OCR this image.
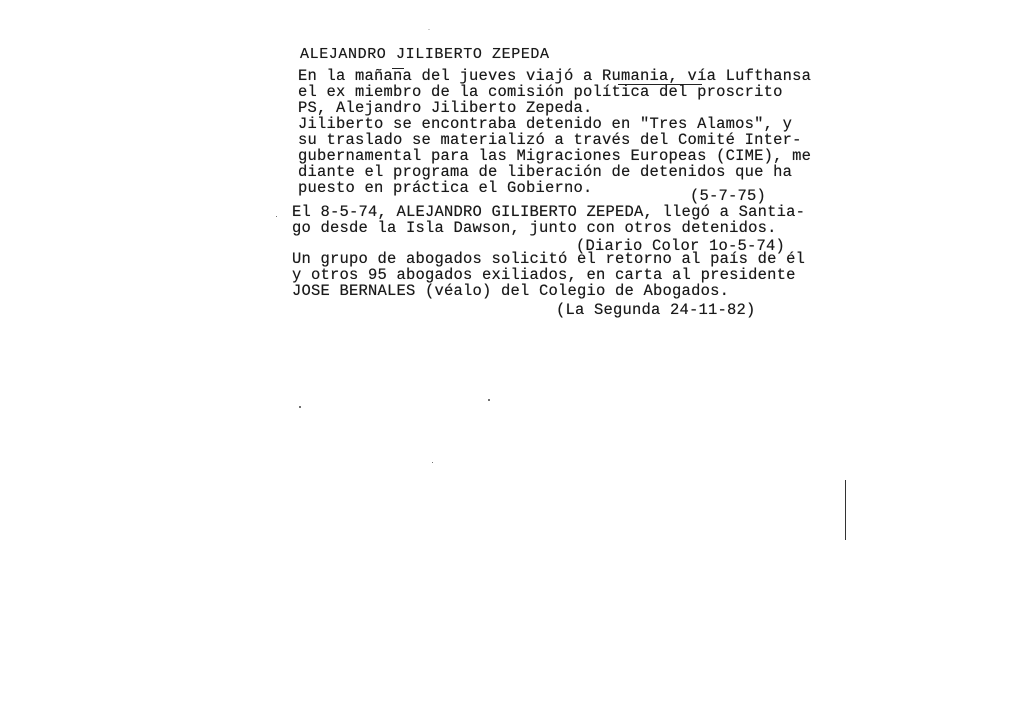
ALEJANDRO JILIBERTO ZEPEDA
En la mañana del jueves viajó a Rumania, vía Lufthansa
el ex miembro de la comisión política del proscrito
PS, Alejandro Jiliberto Zepeda.
Jiliberto se encontraba detenido en "Tres Alamos", y
su traslado se materializó a través del Comité Inter-
gubernamental para las Migraciones Europeas (CIME), me
diante el programa de liberación de detenidos que ha
puesto en práctica el Gobierno.	(5-7-75)
El 8-5-74, ALEJANDRO GILIBERTO ZEPEDA, llegó a Santia-
go desde la Isla Dawson, junto con otros detenidos.
(Diario Color 1o-5-74)
Un grupo de abogados solicitó el retorno al país de él
y otros 95 abogados exiliados, en carta al presidente
JOSE BERNALES (véalo) del Colegio de Abogados.
(La Segunda 24-11-82)
